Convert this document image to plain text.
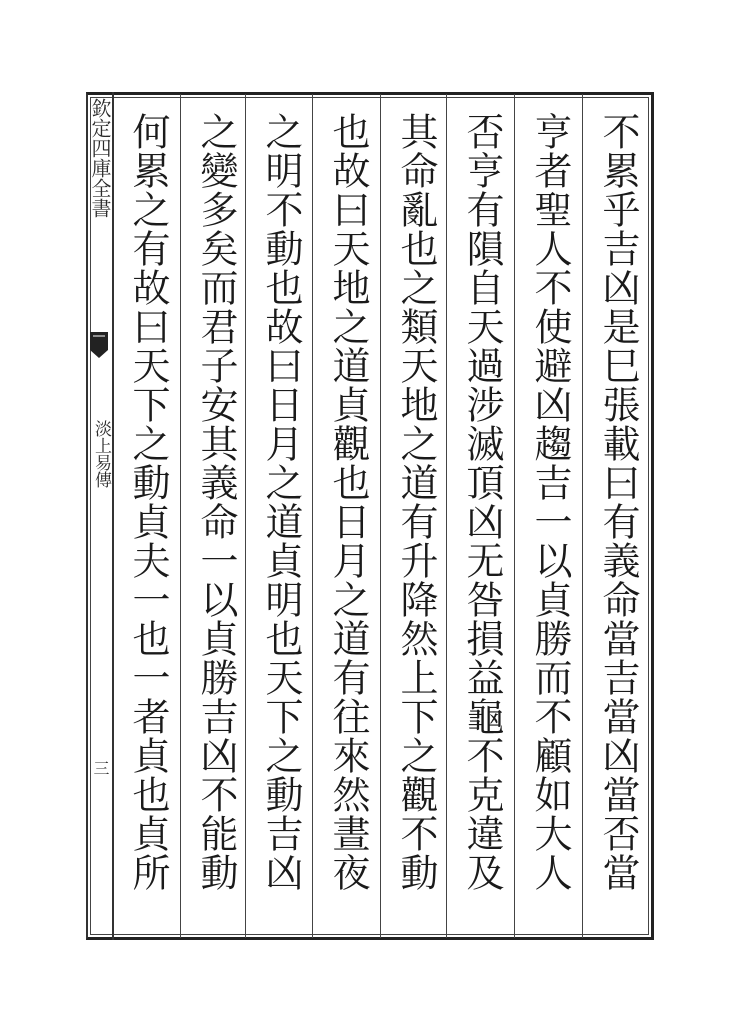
欽定四庫全書
淡上易傳
三	不累乎吉凶是巳張載曰有義命當吉當凶當否當
亨者聖人不使避凶趨吉一以貞勝而不顧如大人
否亨有隕自天過涉滅頂凶无咎損益龜不克違及
其命亂也之類天地之道有升降然上下之觀不動
也故曰天地之道貞觀也日月之道有往來然晝夜
之明不動也故曰日月之道貞明也天下之動吉凶
之變多矣而君子安其義命一以貞勝吉凶不能動
何累之有故曰天下之動貞夫一也一者貞也貞所
